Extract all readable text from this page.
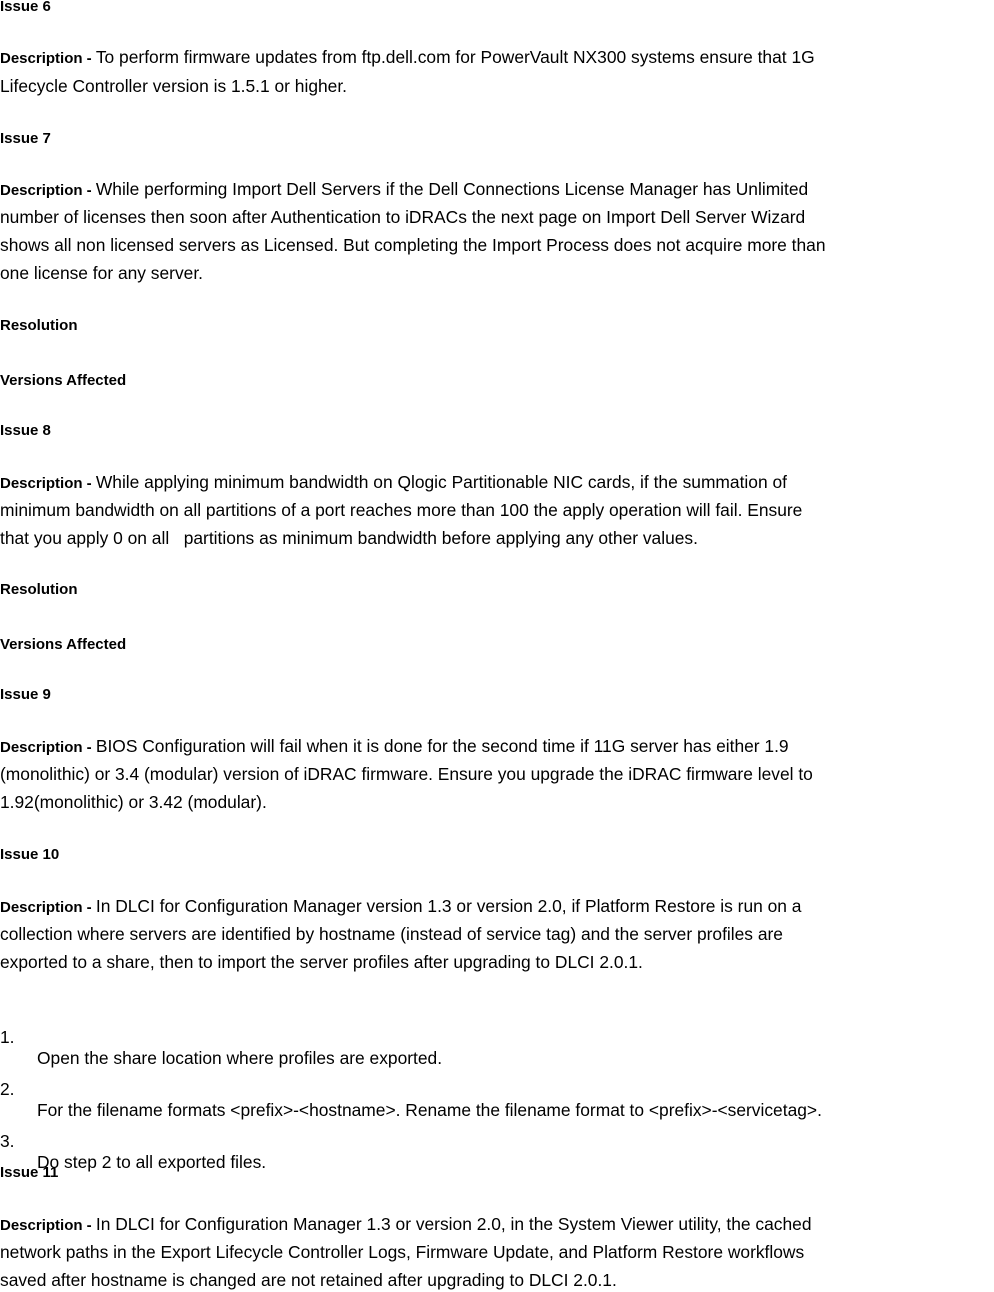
Issue 6
Description - To perform firmware updates from ftp.dell.com for PowerVault NX300 systems ensure that 1G
Lifecycle Controller version is 1.5.1 or higher.
Issue 7
Description - While performing Import Dell Servers if the Dell Connections License Manager has Unlimited
number of licenses then soon after Authentication to iDRACs the next page on Import Dell Server Wizard
shows all non licensed servers as Licensed. But completing the Import Process does not acquire more than
one license for any server.
Resolution
Versions Affected
Issue 8
Description - While applying minimum bandwidth on Qlogic Partitionable NIC cards, if the summation of
minimum bandwidth on all partitions of a port reaches more than 100 the apply operation will fail. Ensure
that you apply 0 on all   partitions as minimum bandwidth before applying any other values.
Resolution
Versions Affected
Issue 9
Description - BIOS Configuration will fail when it is done for the second time if 11G server has either 1.9
(monolithic) or 3.4 (modular) version of iDRAC firmware. Ensure you upgrade the iDRAC firmware level to
1.92(monolithic) or 3.42 (modular).
Issue 10
Description - In DLCI for Configuration Manager version 1.3 or version 2.0, if Platform Restore is run on a
collection where servers are identified by hostname (instead of service tag) and the server profiles are
exported to a share, then to import the server profiles after upgrading to DLCI 2.0.1.

1.

Open the share location where profiles are exported.

2.

For the filename formats <prefix>-<hostname>. Rename the filename format to <prefix>-<servicetag>.

3.

Do step 2 to all exported files.

Issue 11
Description - In DLCI for Configuration Manager 1.3 or version 2.0, in the System Viewer utility, the cached
network paths in the Export Lifecycle Controller Logs, Firmware Update, and Platform Restore workflows
saved after hostname is changed are not retained after upgrading to DLCI 2.0.1.
